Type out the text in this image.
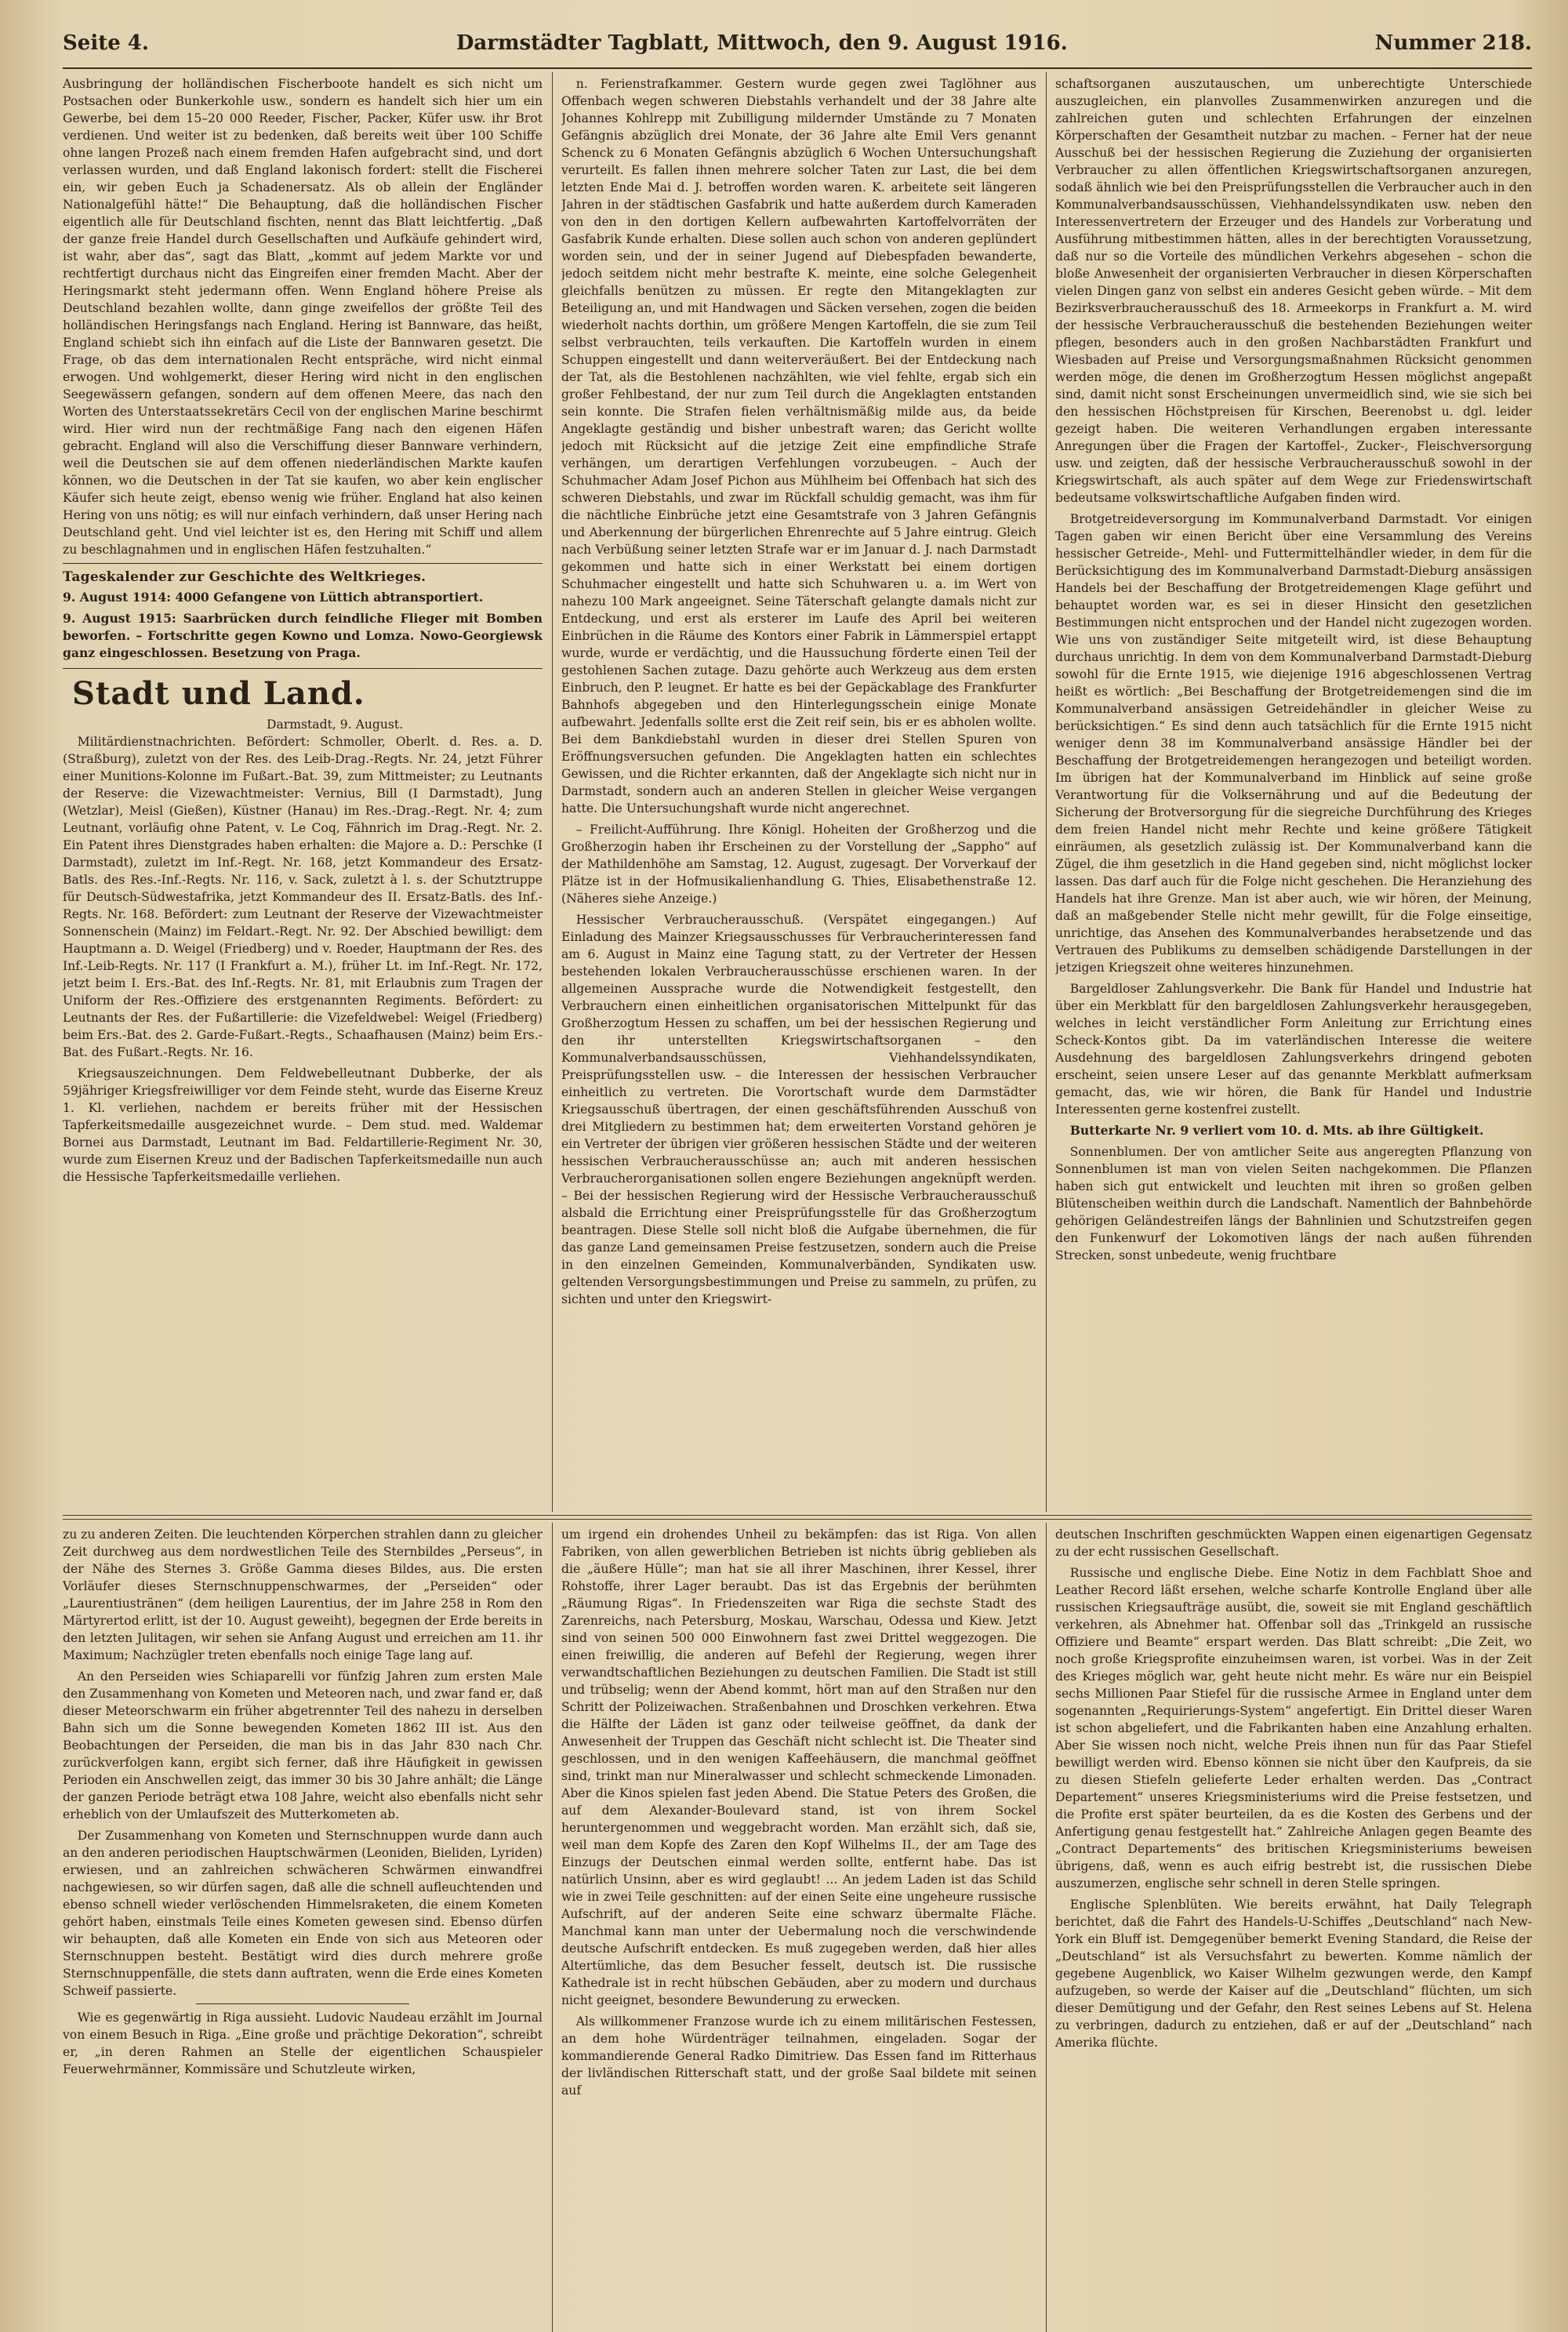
Seite 4.	Darmstädter Tagblatt, Mittwoch, den 9. August 1916.	Nummer 218.

Ausbringung der holländischen Fischerboote handelt es sich nicht um Postsachen oder Bunkerkohle usw., sondern es handelt sich hier um ein Gewerbe, bei dem 15–20 000 Reeder, Fischer, Packer, Küfer usw. ihr Brot verdienen. Und weiter ist zu bedenken, daß bereits weit über 100 Schiffe ohne langen Prozeß nach einem fremden Hafen aufgebracht sind, und dort verlassen wurden, und daß England lakonisch fordert: stellt die Fischerei ein, wir geben Euch ja Schadenersatz. Als ob allein der Engländer Nationalgefühl hätte!“ Die Behauptung, daß die holländischen Fischer eigentlich alle für Deutschland fischten, nennt das Blatt leichtfertig. „Daß der ganze freie Handel durch Gesellschaften und Aufkäufe gehindert wird, ist wahr, aber das“, sagt das Blatt, „kommt auf jedem Markte vor und rechtfertigt durchaus nicht das Eingreifen einer fremden Macht. Aber der Heringsmarkt steht jedermann offen. Wenn England höhere Preise als Deutschland bezahlen wollte, dann ginge zweifellos der größte Teil des holländischen Heringsfangs nach England. Hering ist Bannware, das heißt, England schiebt sich ihn einfach auf die Liste der Bannwaren gesetzt. Die Frage, ob das dem internationalen Recht entspräche, wird nicht einmal erwogen. Und wohlgemerkt, dieser Hering wird nicht in den englischen Seegewässern gefangen, sondern auf dem offenen Meere, das nach den Worten des Unterstaatssekretärs Cecil von der englischen Marine beschirmt wird. Hier wird nun der rechtmäßige Fang nach den eigenen Häfen gebracht. England will also die Verschiffung dieser Bannware verhindern, weil die Deutschen sie auf dem offenen niederländischen Markte kaufen können, wo die Deutschen in der Tat sie kaufen, wo aber kein englischer Käufer sich heute zeigt, ebenso wenig wie früher. England hat also keinen Hering von uns nötig; es will nur einfach verhindern, daß unser Hering nach Deutschland geht. Und viel leichter ist es, den Hering mit Schiff und allem zu beschlagnahmen und in englischen Häfen festzuhalten.“

Tageskalender zur Geschichte des Weltkrieges.

9. August 1914: 4000 Gefangene von Lüttich abtransportiert.

9. August 1915: Saarbrücken durch feindliche Flieger mit Bomben beworfen. – Fortschritte gegen Kowno und Lomza. Nowo-Georgiewsk ganz eingeschlossen. Besetzung von Praga.

Stadt und Land.
Darmstadt, 9. August.

Militärdienstnachrichten. Befördert: Schmoller, Oberlt. d. Res. a. D. (Straßburg), zuletzt von der Res. des Leib-Drag.-Regts. Nr. 24, jetzt Führer einer Munitions-Kolonne im Fußart.-Bat. 39, zum Mittmeister; zu Leutnants der Reserve: die Vizewachtmeister: Vernius, Bill (I Darmstadt), Jung (Wetzlar), Meisl (Gießen), Küstner (Hanau) im Res.-Drag.-Regt. Nr. 4; zum Leutnant, vorläufig ohne Patent, v. Le Coq, Fähnrich im Drag.-Regt. Nr. 2. Ein Patent ihres Dienstgrades haben erhalten: die Majore a. D.: Perschke (I Darmstadt), zuletzt im Inf.-Regt. Nr. 168, jetzt Kommandeur des Ersatz-Batls. des Res.-Inf.-Regts. Nr. 116, v. Sack, zuletzt à l. s. der Schutztruppe für Deutsch-Südwestafrika, jetzt Kommandeur des II. Ersatz-Batls. des Inf.-Regts. Nr. 168. Befördert: zum Leutnant der Reserve der Vizewachtmeister Sonnenschein (Mainz) im Feldart.-Regt. Nr. 92. Der Abschied bewilligt: dem Hauptmann a. D. Weigel (Friedberg) und v. Roeder, Hauptmann der Res. des Inf.-Leib-Regts. Nr. 117 (I Frankfurt a. M.), früher Lt. im Inf.-Regt. Nr. 172, jetzt beim I. Ers.-Bat. des Inf.-Regts. Nr. 81, mit Erlaubnis zum Tragen der Uniform der Res.-Offiziere des erstgenannten Regiments. Befördert: zu Leutnants der Res. der Fußartillerie: die Vizefeldwebel: Weigel (Friedberg) beim Ers.-Bat. des 2. Garde-Fußart.-Regts., Schaafhausen (Mainz) beim Ers.-Bat. des Fußart.-Regts. Nr. 16.

Kriegsauszeichnungen. Dem Feldwebelleutnant Dubberke, der als 59jähriger Kriegsfreiwilliger vor dem Feinde steht, wurde das Eiserne Kreuz 1. Kl. verliehen, nachdem er bereits früher mit der Hessischen Tapferkeitsmedaille ausgezeichnet wurde. – Dem stud. med. Waldemar Bornei aus Darmstadt, Leutnant im Bad. Feldartillerie-Regiment Nr. 30, wurde zum Eisernen Kreuz und der Badischen Tapferkeitsmedaille nun auch die Hessische Tapferkeitsmedaille verliehen.

n. Ferienstrafkammer. Gestern wurde gegen zwei Taglöhner aus Offenbach wegen schweren Diebstahls verhandelt und der 38 Jahre alte Johannes Kohlrepp mit Zubilligung mildernder Umstände zu 7 Monaten Gefängnis abzüglich drei Monate, der 36 Jahre alte Emil Vers genannt Schenck zu 6 Monaten Gefängnis abzüglich 6 Wochen Untersuchungshaft verurteilt. Es fallen ihnen mehrere solcher Taten zur Last, die bei dem letzten Ende Mai d. J. betroffen worden waren. K. arbeitete seit längeren Jahren in der städtischen Gasfabrik und hatte außerdem durch Kameraden von den in den dortigen Kellern aufbewahrten Kartoffelvorräten der Gasfabrik Kunde erhalten. Diese sollen auch schon von anderen geplündert worden sein, und der in seiner Jugend auf Diebespfaden bewanderte, jedoch seitdem nicht mehr bestrafte K. meinte, eine solche Gelegenheit gleichfalls benützen zu müssen. Er regte den Mitangeklagten zur Beteiligung an, und mit Handwagen und Säcken versehen, zogen die beiden wiederholt nachts dorthin, um größere Mengen Kartoffeln, die sie zum Teil selbst verbrauchten, teils verkauften. Die Kartoffeln wurden in einem Schuppen eingestellt und dann weiterveräußert. Bei der Entdeckung nach der Tat, als die Bestohlenen nachzählten, wie viel fehlte, ergab sich ein großer Fehlbestand, der nur zum Teil durch die Angeklagten entstanden sein konnte. Die Strafen fielen verhältnismäßig milde aus, da beide Angeklagte geständig und bisher unbestraft waren; das Gericht wollte jedoch mit Rücksicht auf die jetzige Zeit eine empfindliche Strafe verhängen, um derartigen Verfehlungen vorzubeugen. – Auch der Schuhmacher Adam Josef Pichon aus Mühlheim bei Offenbach hat sich des schweren Diebstahls, und zwar im Rückfall schuldig gemacht, was ihm für die nächtliche Einbrüche jetzt eine Gesamtstrafe von 3 Jahren Gefängnis und Aberkennung der bürgerlichen Ehrenrechte auf 5 Jahre eintrug. Gleich nach Verbüßung seiner letzten Strafe war er im Januar d. J. nach Darmstadt gekommen und hatte sich in einer Werkstatt bei einem dortigen Schuhmacher eingestellt und hatte sich Schuhwaren u. a. im Wert von nahezu 100 Mark angeeignet. Seine Täterschaft gelangte damals nicht zur Entdeckung, und erst als ersterer im Laufe des April bei weiteren Einbrüchen in die Räume des Kontors einer Fabrik in Lämmerspiel ertappt wurde, wurde er verdächtig, und die Haussuchung förderte einen Teil der gestohlenen Sachen zutage. Dazu gehörte auch Werkzeug aus dem ersten Einbruch, den P. leugnet. Er hatte es bei der Gepäckablage des Frankfurter Bahnhofs abgegeben und den Hinterlegungsschein einige Monate aufbewahrt. Jedenfalls sollte erst die Zeit reif sein, bis er es abholen wollte. Bei dem Bankdiebstahl wurden in dieser drei Stellen Spuren von Eröffnungsversuchen gefunden. Die Angeklagten hatten ein schlechtes Gewissen, und die Richter erkannten, daß der Angeklagte sich nicht nur in Darmstadt, sondern auch an anderen Stellen in gleicher Weise vergangen hatte. Die Untersuchungshaft wurde nicht angerechnet.

– Freilicht-Aufführung. Ihre Königl. Hoheiten der Großherzog und die Großherzogin haben ihr Erscheinen zu der Vorstellung der „Sappho“ auf der Mathildenhöhe am Samstag, 12. August, zugesagt. Der Vorverkauf der Plätze ist in der Hofmusikalienhandlung G. Thies, Elisabethenstraße 12. (Näheres siehe Anzeige.)

Hessischer Verbraucherausschuß. (Verspätet eingegangen.) Auf Einladung des Mainzer Kriegsausschusses für Verbraucherinteressen fand am 6. August in Mainz eine Tagung statt, zu der Vertreter der Hessen bestehenden lokalen Verbraucherausschüsse erschienen waren. In der allgemeinen Aussprache wurde die Notwendigkeit festgestellt, den Verbrauchern einen einheitlichen organisatorischen Mittelpunkt für das Großherzogtum Hessen zu schaffen, um bei der hessischen Regierung und den ihr unterstellten Kriegswirtschaftsorganen – den Kommunalverbandsausschüssen, Viehhandelssyndikaten, Preisprüfungsstellen usw. – die Interessen der hessischen Verbraucher einheitlich zu vertreten. Die Vorortschaft wurde dem Darmstädter Kriegsausschuß übertragen, der einen geschäftsführenden Ausschuß von drei Mitgliedern zu bestimmen hat; dem erweiterten Vorstand gehören je ein Vertreter der übrigen vier größeren hessischen Städte und der weiteren hessischen Verbraucherausschüsse an; auch mit anderen hessischen Verbraucherorganisationen sollen engere Beziehungen angeknüpft werden. – Bei der hessischen Regierung wird der Hessische Verbraucherausschuß alsbald die Errichtung einer Preisprüfungsstelle für das Großherzogtum beantragen. Diese Stelle soll nicht bloß die Aufgabe übernehmen, die für das ganze Land gemeinsamen Preise festzusetzen, sondern auch die Preise in den einzelnen Gemeinden, Kommunalverbänden, Syndikaten usw. geltenden Versorgungsbestimmungen und Preise zu sammeln, zu prüfen, zu sichten und unter den Kriegswirt-

schaftsorganen auszutauschen, um unberechtigte Unterschiede auszugleichen, ein planvolles Zusammenwirken anzuregen und die zahlreichen guten und schlechten Erfahrungen der einzelnen Körperschaften der Gesamtheit nutzbar zu machen. – Ferner hat der neue Ausschuß bei der hessischen Regierung die Zuziehung der organisierten Verbraucher zu allen öffentlichen Kriegswirtschaftsorganen anzuregen, sodaß ähnlich wie bei den Preisprüfungsstellen die Verbraucher auch in den Kommunalverbandsausschüssen, Viehhandelssyndikaten usw. neben den Interessenvertretern der Erzeuger und des Handels zur Vorberatung und Ausführung mitbestimmen hätten, alles in der berechtigten Voraussetzung, daß nur so die Vorteile des mündlichen Verkehrs abgesehen – schon die bloße Anwesenheit der organisierten Verbraucher in diesen Körperschaften vielen Dingen ganz von selbst ein anderes Gesicht geben würde. – Mit dem Bezirksverbraucherausschuß des 18. Armeekorps in Frankfurt a. M. wird der hessische Verbraucherausschuß die bestehenden Beziehungen weiter pflegen, besonders auch in den großen Nachbarstädten Frankfurt und Wiesbaden auf Preise und Versorgungsmaßnahmen Rücksicht genommen werden möge, die denen im Großherzogtum Hessen möglichst angepaßt sind, damit nicht sonst Erscheinungen unvermeidlich sind, wie sie sich bei den hessischen Höchstpreisen für Kirschen, Beerenobst u. dgl. leider gezeigt haben. Die weiteren Verhandlungen ergaben interessante Anregungen über die Fragen der Kartoffel-, Zucker-, Fleischversorgung usw. und zeigten, daß der hessische Verbraucherausschuß sowohl in der Kriegswirtschaft, als auch später auf dem Wege zur Friedenswirtschaft bedeutsame volkswirtschaftliche Aufgaben finden wird.

Brotgetreideversorgung im Kommunalverband Darmstadt. Vor einigen Tagen gaben wir einen Bericht über eine Versammlung des Vereins hessischer Getreide-, Mehl- und Futtermittelhändler wieder, in dem für die Berücksichtigung des im Kommunalverband Darmstadt-Dieburg ansässigen Handels bei der Beschaffung der Brotgetreidemengen Klage geführt und behauptet worden war, es sei in dieser Hinsicht den gesetzlichen Bestimmungen nicht entsprochen und der Handel nicht zugezogen worden. Wie uns von zuständiger Seite mitgeteilt wird, ist diese Behauptung durchaus unrichtig. In dem von dem Kommunalverband Darmstadt-Dieburg sowohl für die Ernte 1915, wie diejenige 1916 abgeschlossenen Vertrag heißt es wörtlich: „Bei Beschaffung der Brotgetreidemengen sind die im Kommunalverband ansässigen Getreidehändler in gleicher Weise zu berücksichtigen.“ Es sind denn auch tatsächlich für die Ernte 1915 nicht weniger denn 38 im Kommunalverband ansässige Händler bei der Beschaffung der Brotgetreidemengen herangezogen und beteiligt worden. Im übrigen hat der Kommunalverband im Hinblick auf seine große Verantwortung für die Volksernährung und auf die Bedeutung der Sicherung der Brotversorgung für die siegreiche Durchführung des Krieges dem freien Handel nicht mehr Rechte und keine größere Tätigkeit einräumen, als gesetzlich zulässig ist. Der Kommunalverband kann die Zügel, die ihm gesetzlich in die Hand gegeben sind, nicht möglichst locker lassen. Das darf auch für die Folge nicht geschehen. Die Heranziehung des Handels hat ihre Grenze. Man ist aber auch, wie wir hören, der Meinung, daß an maßgebender Stelle nicht mehr gewillt, für die Folge einseitige, unrichtige, das Ansehen des Kommunalverbandes herabsetzende und das Vertrauen des Publikums zu demselben schädigende Darstellungen in der jetzigen Kriegszeit ohne weiteres hinzunehmen.

Bargeldloser Zahlungsverkehr. Die Bank für Handel und Industrie hat über ein Merkblatt für den bargeldlosen Zahlungsverkehr herausgegeben, welches in leicht verständlicher Form Anleitung zur Errichtung eines Scheck-Kontos gibt. Da im vaterländischen Interesse die weitere Ausdehnung des bargeldlosen Zahlungsverkehrs dringend geboten erscheint, seien unsere Leser auf das genannte Merkblatt aufmerksam gemacht, das, wie wir hören, die Bank für Handel und Industrie Interessenten gerne kostenfrei zustellt.

Butterkarte Nr. 9 verliert vom 10. d. Mts. ab ihre Gültigkeit.

Sonnenblumen. Der von amtlicher Seite aus angeregten Pflanzung von Sonnenblumen ist man von vielen Seiten nachgekommen. Die Pflanzen haben sich gut entwickelt und leuchten mit ihren so großen gelben Blütenscheiben weithin durch die Landschaft. Namentlich der Bahnbehörde gehörigen Geländestreifen längs der Bahnlinien und Schutzstreifen gegen den Funkenwurf der Lokomotiven längs der nach außen führenden Strecken, sonst unbedeute, wenig fruchtbare

zu zu anderen Zeiten. Die leuchtenden Körperchen strahlen dann zu gleicher Zeit durchweg aus dem nordwestlichen Teile des Sternbildes „Perseus“, in der Nähe des Sternes 3. Größe Gamma dieses Bildes, aus. Die ersten Vorläufer dieses Sternschnuppenschwarmes, der „Perseiden“ oder „Laurentiustränen“ (dem heiligen Laurentius, der im Jahre 258 in Rom den Märtyrertod erlitt, ist der 10. August geweiht), begegnen der Erde bereits in den letzten Julitagen, wir sehen sie Anfang August und erreichen am 11. ihr Maximum; Nachzügler treten ebenfalls noch einige Tage lang auf.

An den Perseiden wies Schiaparelli vor fünfzig Jahren zum ersten Male den Zusammenhang von Kometen und Meteoren nach, und zwar fand er, daß dieser Meteorschwarm ein früher abgetrennter Teil des nahezu in derselben Bahn sich um die Sonne bewegenden Kometen 1862 III ist. Aus den Beobachtungen der Perseiden, die man bis in das Jahr 830 nach Chr. zurückverfolgen kann, ergibt sich ferner, daß ihre Häufigkeit in gewissen Perioden ein Anschwellen zeigt, das immer 30 bis 30 Jahre anhält; die Länge der ganzen Periode beträgt etwa 108 Jahre, weicht also ebenfalls nicht sehr erheblich von der Umlaufszeit des Mutterkometen ab.

Der Zusammenhang von Kometen und Sternschnuppen wurde dann auch an den anderen periodischen Hauptschwärmen (Leoniden, Bieliden, Lyriden) erwiesen, und an zahlreichen schwächeren Schwärmen einwandfrei nachgewiesen, so wir dürfen sagen, daß alle die schnell aufleuchtenden und ebenso schnell wieder verlöschenden Himmelsraketen, die einem Kometen gehört haben, einstmals Teile eines Kometen gewesen sind. Ebenso dürfen wir behaupten, daß alle Kometen ein Ende von sich aus Meteoren oder Sternschnuppen besteht. Bestätigt wird dies durch mehrere große Sternschnuppenfälle, die stets dann auftraten, wenn die Erde eines Kometen Schweif passierte.

Wie es gegenwärtig in Riga aussieht. Ludovic Naudeau erzählt im Journal von einem Besuch in Riga. „Eine große und prächtige Dekoration“, schreibt er, „in deren Rahmen an Stelle der eigentlichen Schauspieler Feuerwehrmänner, Kommissäre und Schutzleute wirken,

um irgend ein drohendes Unheil zu bekämpfen: das ist Riga. Von allen Fabriken, von allen gewerblichen Betrieben ist nichts übrig geblieben als die „äußere Hülle“; man hat sie all ihrer Maschinen, ihrer Kessel, ihrer Rohstoffe, ihrer Lager beraubt. Das ist das Ergebnis der berühmten „Räumung Rigas“. In Friedenszeiten war Riga die sechste Stadt des Zarenreichs, nach Petersburg, Moskau, Warschau, Odessa und Kiew. Jetzt sind von seinen 500 000 Einwohnern fast zwei Drittel weggezogen. Die einen freiwillig, die anderen auf Befehl der Regierung, wegen ihrer verwandtschaftlichen Beziehungen zu deutschen Familien. Die Stadt ist still und trübselig; wenn der Abend kommt, hört man auf den Straßen nur den Schritt der Polizeiwachen. Straßenbahnen und Droschken verkehren. Etwa die Hälfte der Läden ist ganz oder teilweise geöffnet, da dank der Anwesenheit der Truppen das Geschäft nicht schlecht ist. Die Theater sind geschlossen, und in den wenigen Kaffeehäusern, die manchmal geöffnet sind, trinkt man nur Mineralwasser und schlecht schmeckende Limonaden. Aber die Kinos spielen fast jeden Abend. Die Statue Peters des Großen, die auf dem Alexander-Boulevard stand, ist von ihrem Sockel heruntergenommen und weggebracht worden. Man erzählt sich, daß sie, weil man dem Kopfe des Zaren den Kopf Wilhelms II., der am Tage des Einzugs der Deutschen einmal werden sollte, entfernt habe. Das ist natürlich Unsinn, aber es wird geglaubt! ... An jedem Laden ist das Schild wie in zwei Teile geschnitten: auf der einen Seite eine ungeheure russische Aufschrift, auf der anderen Seite eine schwarz übermalte Fläche. Manchmal kann man unter der Uebermalung noch die verschwindende deutsche Aufschrift entdecken. Es muß zugegeben werden, daß hier alles Altertümliche, das dem Besucher fesselt, deutsch ist. Die russische Kathedrale ist in recht hübschen Gebäuden, aber zu modern und durchaus nicht geeignet, besondere Bewunderung zu erwecken.

Als willkommener Franzose wurde ich zu einem militärischen Festessen, an dem hohe Würdenträger teilnahmen, eingeladen. Sogar der kommandierende General Radko Dimitriew. Das Essen fand im Ritterhaus der livländischen Ritterschaft statt, und der große Saal bildete mit seinen auf

deutschen Inschriften geschmückten Wappen einen eigenartigen Gegensatz zu der echt russischen Gesellschaft.

Russische und englische Diebe. Eine Notiz in dem Fachblatt Shoe and Leather Record läßt ersehen, welche scharfe Kontrolle England über alle russischen Kriegsaufträge ausübt, die, soweit sie mit England geschäftlich verkehren, als Abnehmer hat. Offenbar soll das „Trinkgeld an russische Offiziere und Beamte“ erspart werden. Das Blatt schreibt: „Die Zeit, wo noch große Kriegsprofite einzuheimsen waren, ist vorbei. Was in der Zeit des Krieges möglich war, geht heute nicht mehr. Es wäre nur ein Beispiel sechs Millionen Paar Stiefel für die russische Armee in England unter dem sogenannten „Requirierungs-System“ angefertigt. Ein Drittel dieser Waren ist schon abgeliefert, und die Fabrikanten haben eine Anzahlung erhalten. Aber Sie wissen noch nicht, welche Preis ihnen nun für das Paar Stiefel bewilligt werden wird. Ebenso können sie nicht über den Kaufpreis, da sie zu diesen Stiefeln gelieferte Leder erhalten werden. Das „Contract Departement“ unseres Kriegsministeriums wird die Preise festsetzen, und die Profite erst später beurteilen, da es die Kosten des Gerbens und der Anfertigung genau festgestellt hat.“ Zahlreiche Anlagen gegen Beamte des „Contract Departements“ des britischen Kriegsministeriums beweisen übrigens, daß, wenn es auch eifrig bestrebt ist, die russischen Diebe auszumerzen, englische sehr schnell in deren Stelle springen.

Englische Splenblüten. Wie bereits erwähnt, hat Daily Telegraph berichtet, daß die Fahrt des Handels-U-Schiffes „Deutschland“ nach New-York ein Bluff ist. Demgegenüber bemerkt Evening Standard, die Reise der „Deutschland“ ist als Versuchsfahrt zu bewerten. Komme nämlich der gegebene Augenblick, wo Kaiser Wilhelm gezwungen werde, den Kampf aufzugeben, so werde der Kaiser auf die „Deutschland“ flüchten, um sich dieser Demütigung und der Gefahr, den Rest seines Lebens auf St. Helena zu verbringen, dadurch zu entziehen, daß er auf der „Deutschland“ nach Amerika flüchte.
